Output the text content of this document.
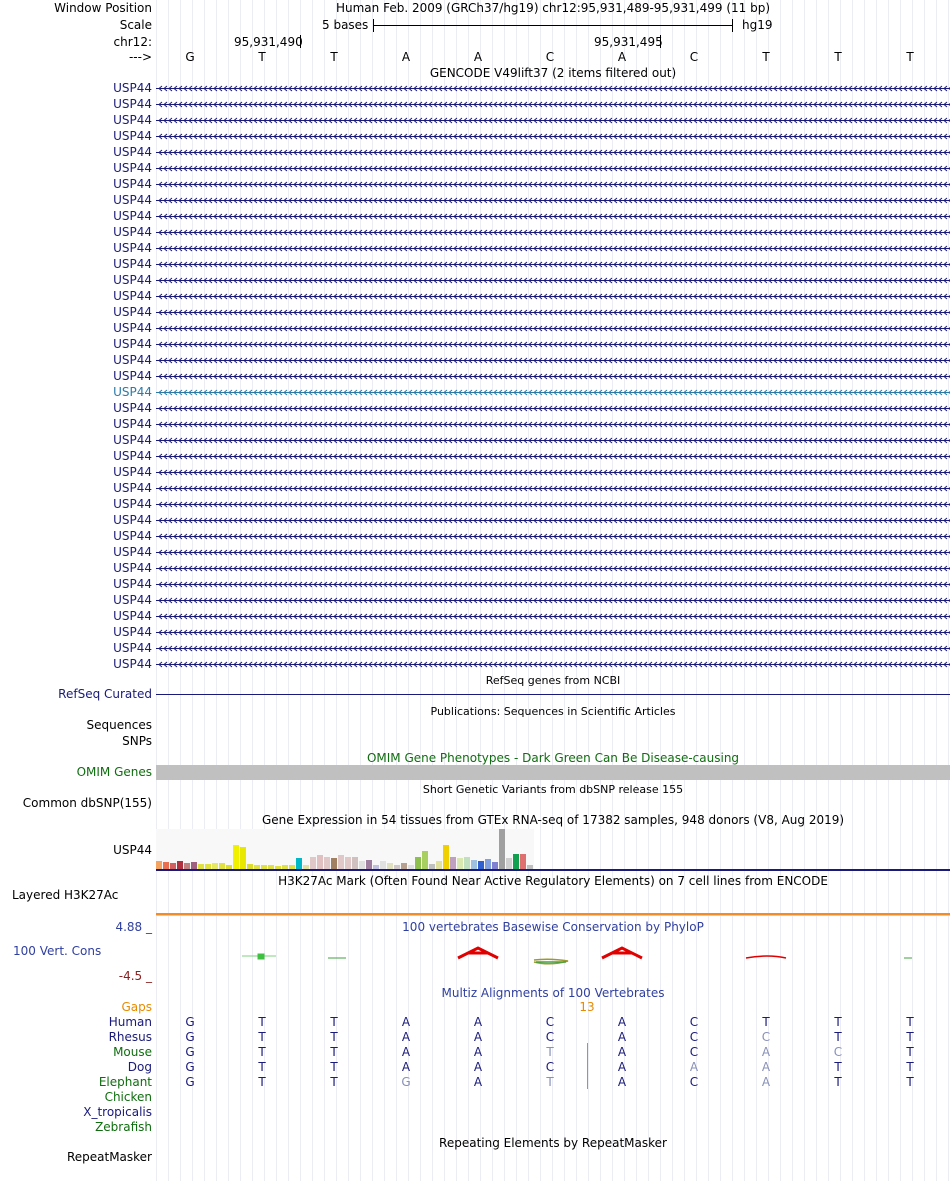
Window Position	Human Feb. 2009 (GRCh37/hg19) chr12:95,931,489-95,931,499 (11 bp)
Scale	5 bases	hg19
chr12:	95,931,490	95,931,495
--->	G	T	T	A	A	C	A	C	T	T	T
GENCODE V49lift37 (2 items filtered out)
USP44
USP44
USP44
USP44
USP44
USP44
USP44
USP44
USP44
USP44
USP44
USP44
USP44
USP44
USP44
USP44
USP44
USP44
USP44
USP44
USP44
USP44
USP44
USP44
USP44
USP44
USP44
USP44
USP44
USP44
USP44
USP44
USP44
USP44
USP44
USP44
USP44
RefSeq genes from NCBI
RefSeq Curated
Publications: Sequences in Scientific Articles
Sequences
SNPs
OMIM Gene Phenotypes - Dark Green Can Be Disease-causing
OMIM Genes
Short Genetic Variants from dbSNP release 155
Common dbSNP(155)
Gene Expression in 54 tissues from GTEx RNA-seq of 17382 samples, 948 donors (V8, Aug 2019)
USP44
H3K27Ac Mark (Often Found Near Active Regulatory Elements) on 7 cell lines from ENCODE
Layered H3K27Ac
100 vertebrates Basewise Conservation by PhyloP
4.88 _
100 Vert. Cons
-4.5 _
Multiz Alignments of 100 Vertebrates
Gaps	13
Human	G	T	T	A	A	C	A	C	T	T	T
Rhesus	G	T	T	A	A	C	A	C	C	T	T
Mouse	G	T	T	A	A	T	A	C	A	C	T
Dog	G	T	T	A	A	C	A	A	A	T	T
Elephant	G	T	T	G	A	T	A	C	A	T	T
Chicken
X_tropicalis
Zebrafish
Repeating Elements by RepeatMasker
RepeatMasker
